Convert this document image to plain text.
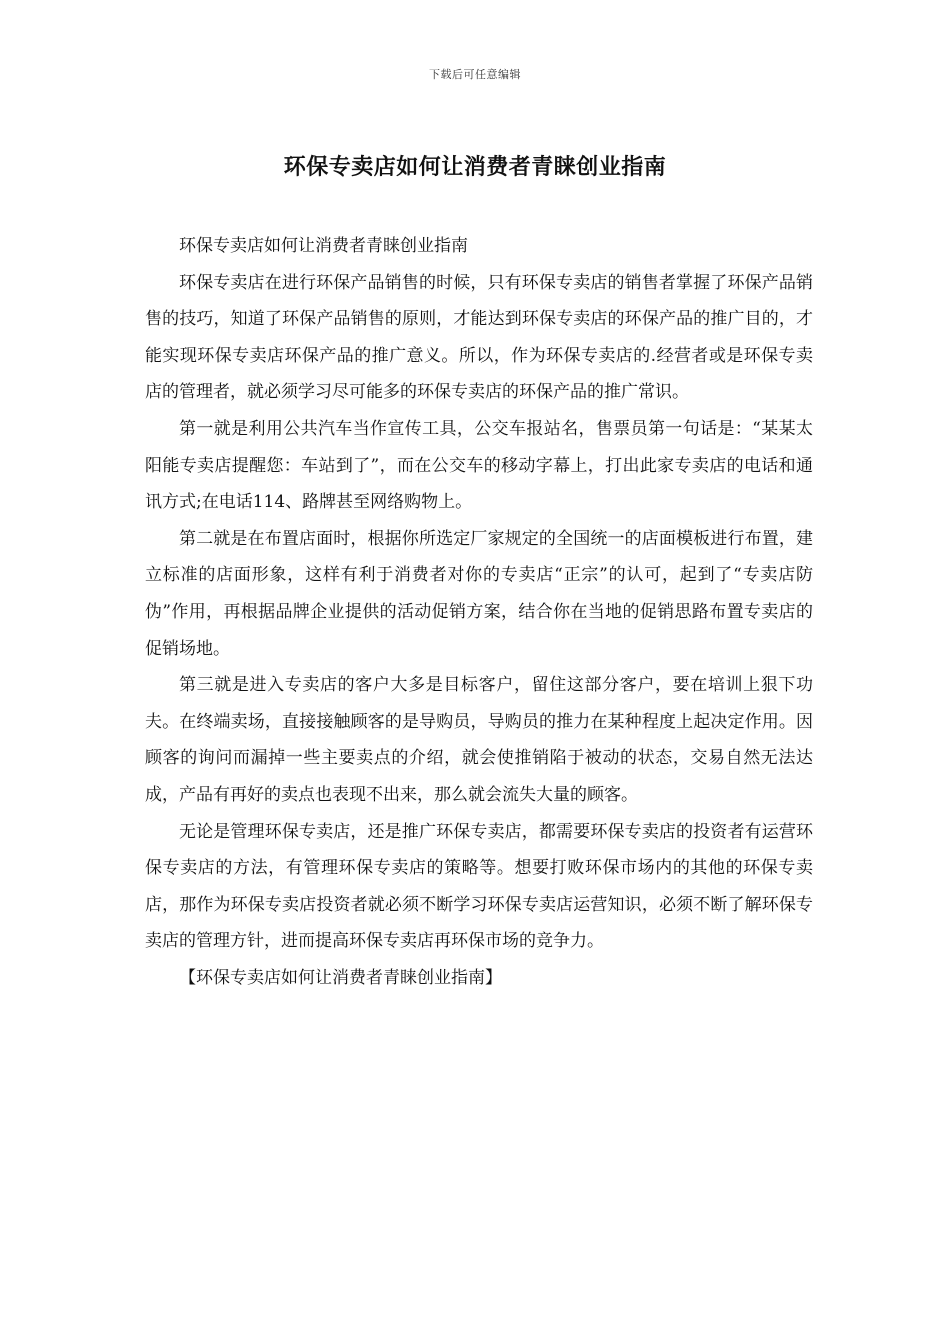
下载后可任意编辑
环保专卖店如何让消费者青睐创业指南

环保专卖店如何让消费者青睐创业指南

环保专卖店在进行环保产品销售的时候，只有环保专卖店的销售者掌握了环保产品销售的技巧，知道了环保产品销售的原则，才能达到环保专卖店的环保产品的推广目的，才能实现环保专卖店环保产品的推广意义。所以，作为环保专卖店的.经营者或是环保专卖店的管理者，就必须学习尽可能多的环保专卖店的环保产品的推广常识。

第一就是利用公共汽车当作宣传工具，公交车报站名，售票员第一句话是：“某某太阳能专卖店提醒您：车站到了”，而在公交车的移动字幕上，打出此家专卖店的电话和通讯方式;在电话114、路牌甚至网络购物上。

第二就是在布置店面时，根据你所选定厂家规定的全国统一的店面模板进行布置，建立标准的店面形象，这样有利于消费者对你的专卖店“正宗”的认可，起到了“专卖店防伪”作用，再根据品牌企业提供的活动促销方案，结合你在当地的促销思路布置专卖店的促销场地。

第三就是进入专卖店的客户大多是目标客户，留住这部分客户，要在培训上狠下功夫。在终端卖场，直接接触顾客的是导购员，导购员的推力在某种程度上起决定作用。因顾客的询问而漏掉一些主要卖点的介绍，就会使推销陷于被动的状态，交易自然无法达成，产品有再好的卖点也表现不出来，那么就会流失大量的顾客。

无论是管理环保专卖店，还是推广环保专卖店，都需要环保专卖店的投资者有运营环保专卖店的方法，有管理环保专卖店的策略等。想要打败环保市场内的其他的环保专卖店，那作为环保专卖店投资者就必须不断学习环保专卖店运营知识，必须不断了解环保专卖店的管理方针，进而提高环保专卖店再环保市场的竞争力。

【环保专卖店如何让消费者青睐创业指南】
